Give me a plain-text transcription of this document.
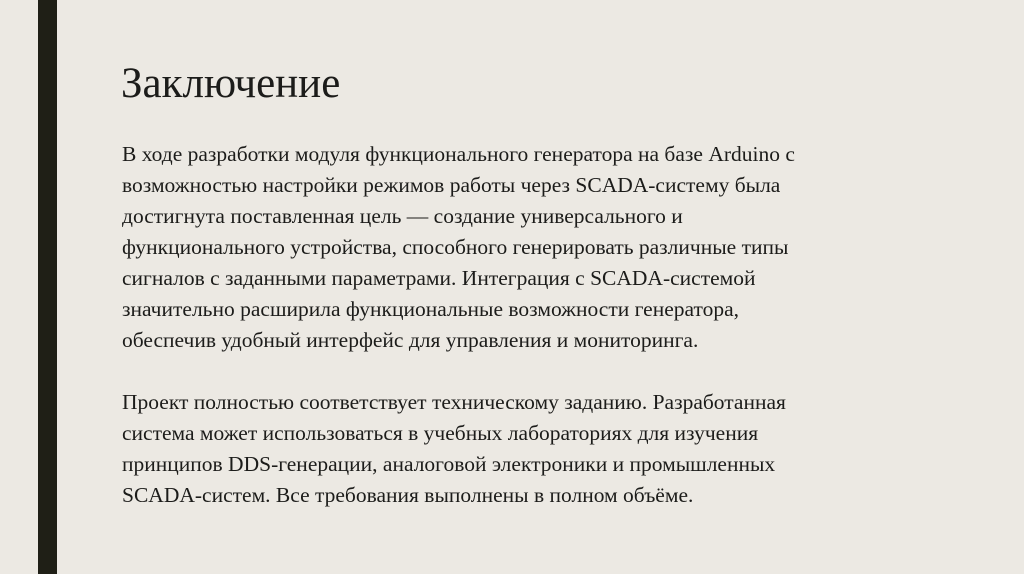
Заключение

В ходе разработки модуля функционального генератора на базе Arduino с
возможностью настройки режимов работы через SCADA-систему была
достигнута поставленная цель — создание универсального и
функционального устройства, способного генерировать различные типы
сигналов с заданными параметрами. Интеграция с SCADA-системой
значительно расширила функциональные возможности генератора,
обеспечив удобный интерфейс для управления и мониторинга.

Проект полностью соответствует техническому заданию. Разработанная
система может использоваться в учебных лабораториях для изучения
принципов DDS-генерации, аналоговой электроники и промышленных
SCADA-систем. Все требования выполнены в полном объёме.
